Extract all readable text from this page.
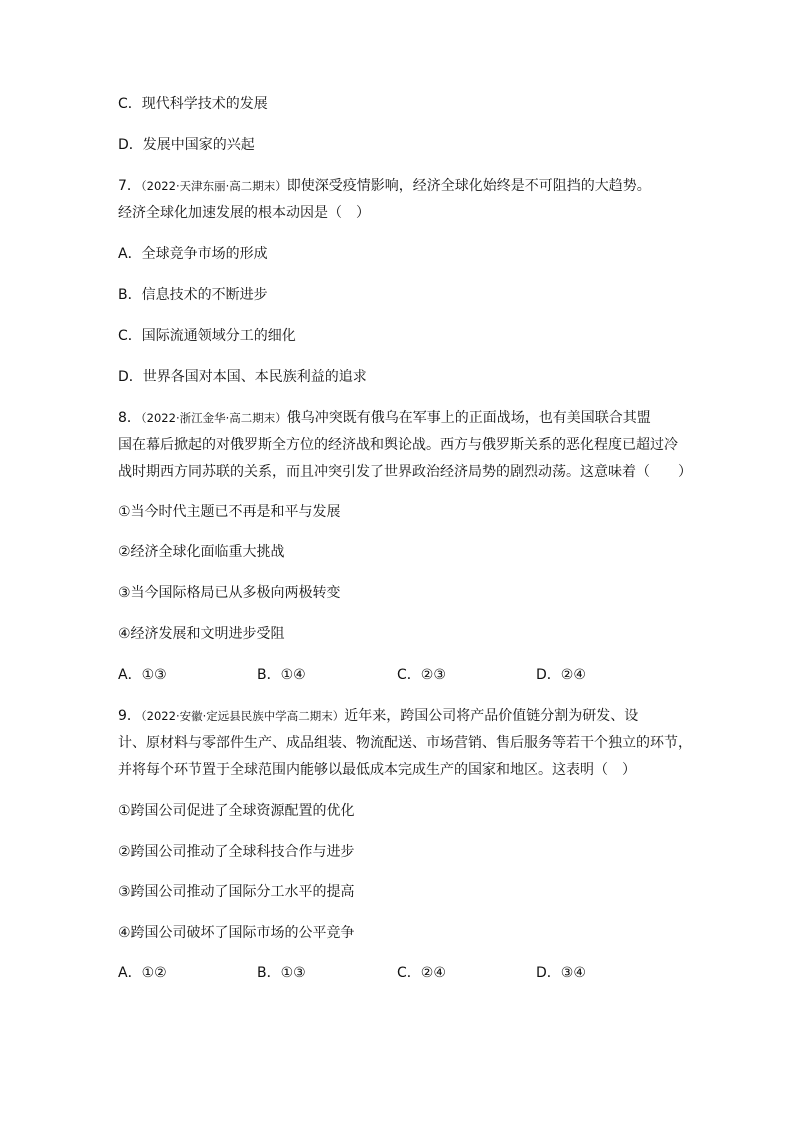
C．现代科学技术的发展
D．发展中国家的兴起
7．（2022·天津东丽·高二期末）即使深受疫情影响，经济全球化始终是不可阻挡的大趋势。
经济全球化加速发展的根本动因是（　）
A．全球竞争市场的形成
B．信息技术的不断进步
C．国际流通领域分工的细化
D．世界各国对本国、本民族利益的追求
8．（2022·浙江金华·高二期末）俄乌冲突既有俄乌在军事上的正面战场，也有美国联合其盟
国在幕后掀起的对俄罗斯全方位的经济战和舆论战。西方与俄罗斯关系的恶化程度已超过冷
战时期西方同苏联的关系，而且冲突引发了世界政治经济局势的剧烈动荡。这意味着（　　）
①当今时代主题已不再是和平与发展
②经济全球化面临重大挑战
③当今国际格局已从多极向两极转变
④经济发展和文明进步受阻
A．①③	B．①④	C．②③	D．②④
9．（2022·安徽·定远县民族中学高二期末）近年来，跨国公司将产品价值链分割为研发、设
计、原材料与零部件生产、成品组装、物流配送、市场营销、售后服务等若干个独立的环节，
并将每个环节置于全球范围内能够以最低成本完成生产的国家和地区。这表明（　）
①跨国公司促进了全球资源配置的优化
②跨国公司推动了全球科技合作与进步
③跨国公司推动了国际分工水平的提高
④跨国公司破坏了国际市场的公平竞争
A．①②	B．①③	C．②④	D．③④
